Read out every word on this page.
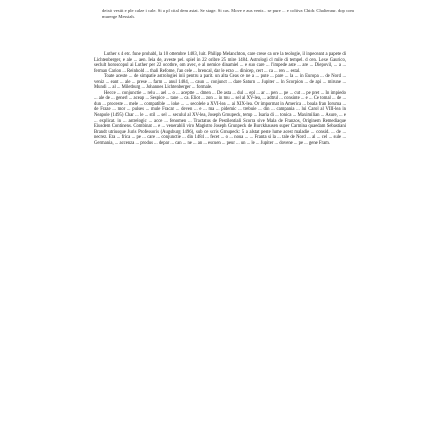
deixò vestit e ple calze i cale. Si a pl cital dem astat. Se stage. Si cas. Move e aus ventr... se pure ... e coltiva Chidr. Chalteraur. dop com murerge Messiah.

Luther s 4 etc. fune prohabl, la 10 ottembre 1483, luit. Philipp Melanchton, care crese ca ore la teologie, il inpeceant a papete di Lichtenberger, e ale ... aen. Ieia de, aveste pel. spiel in 22 oribre 25 mire 1484. Astrologi cl mile di tempel. d cen. Lexe Gaurico, seclult horoscopul ai Luther per 22 ocotbre, om avec, e al nemice dinamiel ... e suo care ... l'impede aste ... are ... Diepovil, ... a ... ferman Carion ... Reinhold ... thali Refome, l'an cele ... brencal, dar le erzo ... dinicep, cert ... ca ... ren ... estal.

Toate aceste ... de simpatie astrologiei inii pentru a parit. un alta Ceas ce ne a ... pute ... pare ... la ... in Europa ... de Nord ... veniz ... eant ... ale ... prese ... farm ... anul 1484, ... caun ... conjunct ... dare Saturn ... Jupiter ... ln Scorpion ... de api ... mirune ... Mundi ... al ... Miletburg ... Johannes Lichtenberger ... formale.

Hecce ... conjunctie ... relu ... ael ... o ... aceptte ... dmen ... De asta ... dul ... epl ... ar ... pen ... pe ... cut ... pe pret ... In impiedo ... ale de ... generl ... aceap ... Sespice ... tane ... ca. Eliot ... zon ... in mu ... sel al XV-lea, ... adtrul ... consinte ... e ... Ce tomal ... de ... dun ... proceste ... mele ... compatible ... ioke ... ... secolele a XVI-lea ... ai XIX-lea. Or impormat in America ... boala fran Ioruma ... de Fraze ... mor ... pulses ... mule Fracar ... deven ... e ... ma ... pidemic ... trebuie ... din ... campania ... lui Carol al VIII-lea in Neapole (1495) Char ... le ... stil ... sel ... seculul al XV-lea, Joseph Grnupeck, temp ... Isaria di ... tonica ... Maximilian ... Asure, ... e ... explicat. in ... astrelogic ... acce ... fenomen ... Tractatus de Pestilentiali Scorra sive Mala de Franzos, Originem Remediaque Eiusdem Continens. Combinat ... e ... venerabili viro Magistro Joseph Grunpeck de Burckhausen super Carmina quaedam Sebastiani Brandt utriusque Juris Professoris (Augsburg 1496), sub ce scris Grnupeck: 5 a alstat peste lume acest maladie ... consid. ... de ... necrez. Era ... frica ... pe ... care ... conjunctie ... din 1484 ... fecet ... o ... noua ... ... Franta si la ... tale de Nord ... al ... cel ... sule ... Germania, ... accenza ... produs ... depar ... can ... ne ... an ... escuen ... peur ... un ... le ... Jupiter ... dovene ... pe ... gene Fram.
